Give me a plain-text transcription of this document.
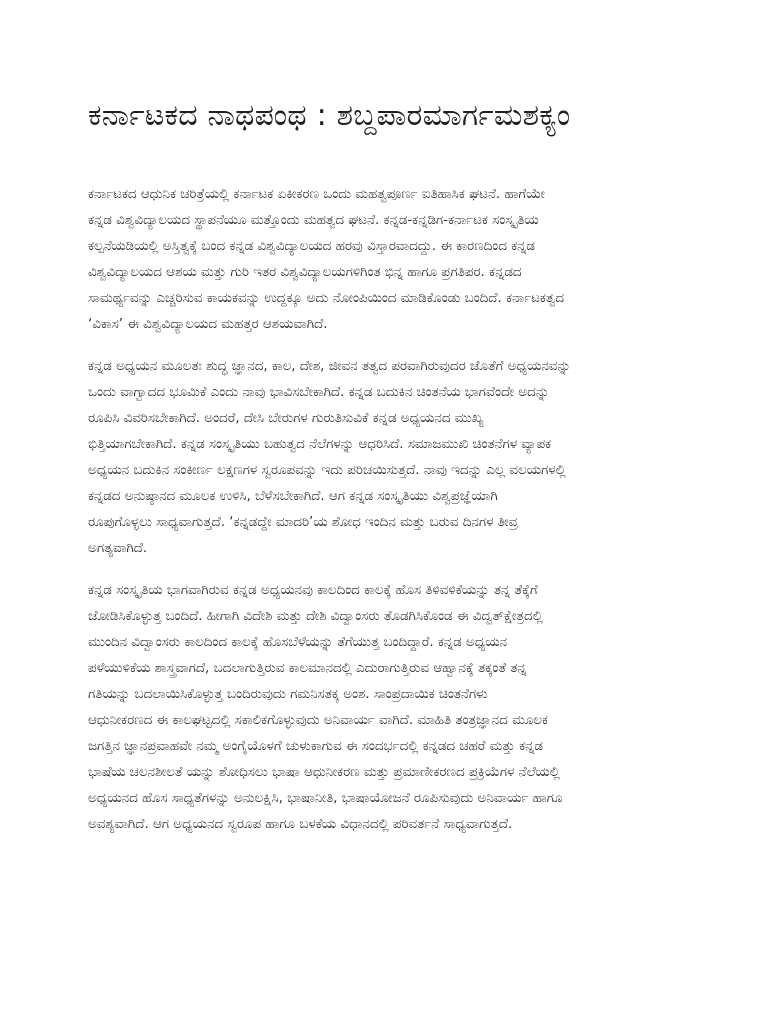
ಕರ್ನಾಟಕದ ನಾಥಪಂಥ : ಶಬ್ದಪಾರಮಾರ್ಗಮಶಕ್ಯಂ

ಕರ್ನಾಟಕದ ಆಧುನಿಕ ಚರಿತ್ರೆಯಲ್ಲಿ ಕರ್ನಾಟಕ ಏಕೀಕರಣ ಒಂದು ಮಹತ್ವಪೂರ್ಣ ಐತಿಹಾಸಿಕ ಘಟನೆ. ಹಾಗೆಯೇ
ಕನ್ನಡ ವಿಶ್ವವಿದ್ಯಾಲಯದ ಸ್ಥಾಪನೆಯೂ ಮತ್ತೊಂದು ಮಹತ್ವದ ಘಟನೆ. ಕನ್ನಡ-ಕನ್ನಡಿಗ-ಕರ್ನಾಟಕ ಸಂಸ್ಕೃತಿಯ
ಕಲ್ಪನೆಯಡಿಯಲ್ಲಿ ಅಸ್ತಿತ್ವಕ್ಕೆ ಬಂದ ಕನ್ನಡ ವಿಶ್ವವಿದ್ಯಾಲಯದ ಹರವು ವಿಸ್ತಾರವಾದದ್ದು. ಈ ಕಾರಣದಿಂದ ಕನ್ನಡ
ವಿಶ್ವವಿದ್ಯಾಲಯದ ಆಶಯ ಮತ್ತು ಗುರಿ ಇತರ ವಿಶ್ವವಿದ್ಯಾಲಯಗಳಿಗಿಂತ ಭಿನ್ನ ಹಾಗೂ ಪ್ರಗತಿಪರ. ಕನ್ನಡದ
ಸಾಮರ್ಥ್ಯವನ್ನು ಎಚ್ಚರಿಸುವ ಕಾಯಕವನ್ನು ಉದ್ದಕ್ಕೂ ಅದು ನೋಂಪಿಯಿಂದ ಮಾಡಿಕೊಂಡು ಬಂದಿದೆ. ಕರ್ನಾಟಕತ್ವದ
‘ವಿಕಾಸ’ ಈ ವಿಶ್ವವಿದ್ಯಾಲಯದ ಮಹತ್ತರ ಆಶಯವಾಗಿದೆ.

ಕನ್ನಡ ಅಧ್ಯಯನ ಮೂಲತಃ ಶುದ್ಧ ಜ್ಞಾನದ, ಕಾಲ, ದೇಶ, ಜೀವನ ತತ್ವದ ಪರವಾಗಿರುವುದರ ಜೊತೆಗೆ ಅಧ್ಯಯನವನ್ನು
ಒಂದು ವಾಗ್ವಾದದ ಭೂಮಿಕೆ ಎಂದು ನಾವು ಭಾವಿಸಬೇಕಾಗಿದೆ. ಕನ್ನಡ ಬದುಕಿನ ಚಿಂತನೆಯ ಭಾಗವೆಂದೇ ಅದನ್ನು
ರೂಪಿಸಿ ವಿವರಿಸಬೇಕಾಗಿದೆ. ಅಂದರೆ, ದೇಸಿ ಬೇರುಗಳ ಗುರುತಿಸುವಿಕೆ ಕನ್ನಡ ಅಧ್ಯಯನದ ಮುಖ್ಯ
ಭಿತ್ತಿಯಾಗಬೇಕಾಗಿದೆ. ಕನ್ನಡ ಸಂಸ್ಕೃತಿಯು ಬಹುತ್ವದ ನೆಲೆಗಳನ್ನು ಆಧರಿಸಿದೆ. ಸಮಾಜಮುಖಿ ಚಿಂತನೆಗಳ ವ್ಯಾಪಕ
ಅಧ್ಯಯನ ಬದುಕಿನ ಸಂಕೀರ್ಣ ಲಕ್ಷಣಗಳ ಸ್ವರೂಪವನ್ನು ಇದು ಪರಿಚಯಿಸುತ್ತದೆ. ನಾವು ಇದನ್ನು ಎಲ್ಲ ವಲಯಗಳಲ್ಲಿ
ಕನ್ನಡದ ಅನುಷ್ಠಾನದ ಮೂಲಕ ಉಳಿಸಿ, ಬೆಳೆಸಬೇಕಾಗಿದೆ. ಆಗ ಕನ್ನಡ ಸಂಸ್ಕೃತಿಯು ವಿಶ್ವಪ್ರಜ್ಞೆಯಾಗಿ
ರೂಪುಗೊಳ್ಳಲು ಸಾಧ್ಯವಾಗುತ್ತದೆ. ‘ಕನ್ನಡದ್ದೇ ಮಾದರಿ’ಯ ಶೋಧ ಇಂದಿನ ಮತ್ತು ಬರುವ ದಿನಗಳ ತೀವ್ರ
ಅಗತ್ಯವಾಗಿದೆ.

ಕನ್ನಡ ಸಂಸ್ಕೃತಿಯ ಭಾಗವಾಗಿರುವ ಕನ್ನಡ ಅಧ್ಯಯನವು ಕಾಲದಿಂದ ಕಾಲಕ್ಕೆ ಹೊಸ ತಿಳಿವಳಿಕೆಯನ್ನು ತನ್ನ ತೆಕ್ಕೆಗೆ
ಜೋಡಿಸಿಕೊಳ್ಳುತ್ತ ಬಂದಿದೆ. ಹೀಗಾಗಿ ವಿದೇಶಿ ಮತ್ತು ದೇಶಿ ವಿದ್ವಾಂಸರು ತೊಡಗಿಸಿಕೊಂಡ ಈ ವಿದ್ವತ್‌ಕ್ಷೇತ್ರದಲ್ಲಿ
ಮುಂದಿನ ವಿದ್ವಾಂಸರು ಕಾಲದಿಂದ ಕಾಲಕ್ಕೆ ಹೊಸಬೆಳೆಯನ್ನು ತೆಗೆಯುತ್ತ ಬಂದಿದ್ದಾರೆ. ಕನ್ನಡ ಅಧ್ಯಯನ
ಪಳೆಯುಳಿಕೆಯ ಶಾಸ್ತ್ರವಾಗದೆ, ಬದಲಾಗುತ್ತಿರುವ ಕಾಲಮಾನದಲ್ಲಿ ಎದುರಾಗುತ್ತಿರುವ ಆಹ್ವಾನಕ್ಕೆ ತಕ್ಕಂತೆ ತನ್ನ
ಗತಿಯನ್ನು ಬದಲಾಯಿಸಿಕೊಳ್ಳುತ್ತ ಬಂದಿರುವುದು ಗಮನಿಸತಕ್ಕ ಅಂಶ. ಸಾಂಪ್ರದಾಯಿಕ ಚಿಂತನೆಗಳು
ಆಧುನೀಕರಣದ ಈ ಕಾಲಘಟ್ಟದಲ್ಲಿ ಸಕಾಲಿಕಗೊಳ್ಳುವುದು ಅನಿವಾರ್ಯ ವಾಗಿದೆ. ಮಾಹಿತಿ ತಂತ್ರಜ್ಞಾನದ ಮೂಲಕ
ಜಗತ್ತಿನ ಜ್ಞಾನಪ್ರವಾಹವೇ ನಮ್ಮ ಅಂಗೈಯೊಳಗೆ ಚುಳುಕಾಗುವ ಈ ಸಂದರ್ಭದಲ್ಲಿ ಕನ್ನಡದ ಚಹರೆ ಮತ್ತು ಕನ್ನಡ
ಭಾಷೆಯ ಚಲನಶೀಲತೆ ಯನ್ನು ಶೋಧಿಸಲು ಭಾಷಾ ಆಧುನೀಕರಣ ಮತ್ತು ಪ್ರಮಾಣೀಕರಣದ ಪ್ರಕ್ರಿಯೆಗಳ ನೆಲೆಯಲ್ಲಿ
ಅಧ್ಯಯನದ ಹೊಸ ಸಾಧ್ಯತೆಗಳನ್ನು ಅನುಲಕ್ಷಿಸಿ, ಭಾಷಾನೀತಿ, ಭಾಷಾಯೋಜನೆ ರೂಪಿಸುವುದು ಅನಿವಾರ್ಯ ಹಾಗೂ
ಅವಶ್ಯವಾಗಿದೆ. ಆಗ ಅಧ್ಯಯನದ ಸ್ವರೂಪ ಹಾಗೂ ಬಳಕೆಯ ವಿಧಾನದಲ್ಲಿ ಪರಿವರ್ತನೆ ಸಾಧ್ಯವಾಗುತ್ತದೆ.
